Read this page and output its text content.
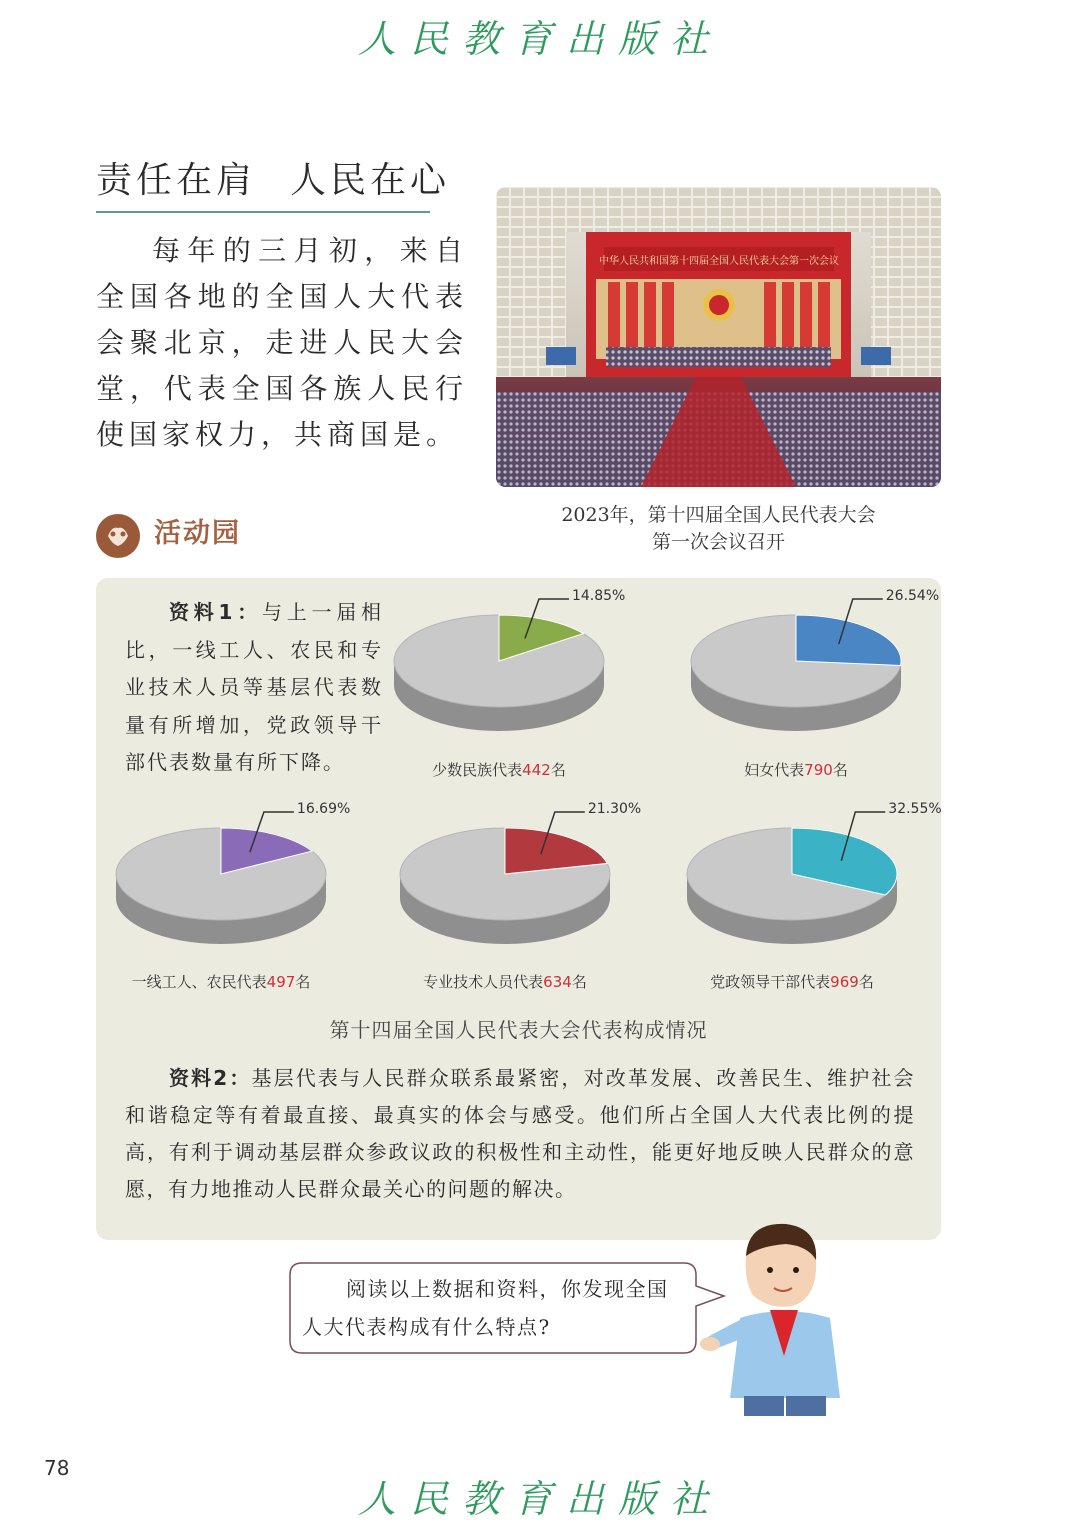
人民教育出版社
人民教育出版社
责任在肩 人民在心
每年的三月初，来自全国各地的全国人大代表会聚北京，走进人民大会堂，代表全国各族人民行使国家权力，共商国是。
中华人民共和国第十四届全国人民代表大会第一次会议
2023年，第十四届全国人民代表大会
第一次会议召开
活动园
资料1：与上一届相比，一线工人、农民和专业技术人员等基层代表数量有所增加，党政领导干部代表数量有所下降。
14.85%
少数民族代表442名
26.54%
妇女代表790名
16.69%
一线工人、农民代表497名
21.30%
专业技术人员代表634名
32.55%
党政领导干部代表969名
第十四届全国人民代表大会代表构成情况
资料2：基层代表与人民群众联系最紧密，对改革发展、改善民生、维护社会和谐稳定等有着最直接、最真实的体会与感受。他们所占全国人大代表比例的提高，有利于调动基层群众参政议政的积极性和主动性，能更好地反映人民群众的意愿，有力地推动人民群众最关心的问题的解决。
阅读以上数据和资料，你发现全国人大代表构成有什么特点?
78
